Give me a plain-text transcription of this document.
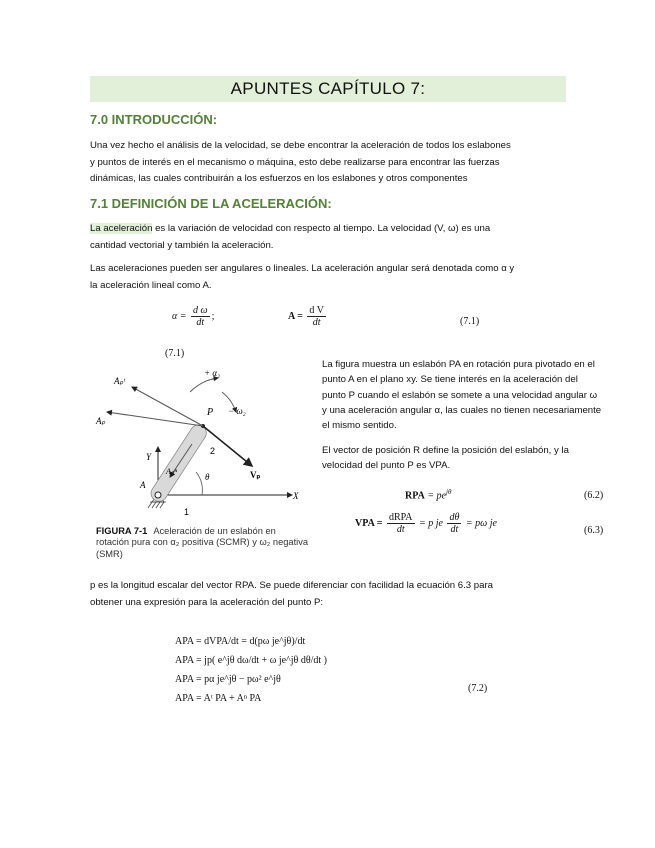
APUNTES CAPÍTULO 7:
7.0 INTRODUCCIÓN:
Una vez hecho el análisis de la velocidad, se debe encontrar la aceleración de todos los eslabones
y puntos de interés en el mecanismo o máquina, esto debe realizarse para encontrar las fuerzas
dinámicas, las cuales contribuirán a los esfuerzos en los eslabones y otros componentes
7.1 DEFINICIÓN DE LA ACELERACIÓN:
La aceleración es la variación de velocidad con respecto al tiempo. La velocidad (V, ω) es una
cantidad vectorial y también la aceleración.
Las aceleraciones pueden ser angulares o lineales. La aceleración angular será denotada como α y
la aceleración lineal como A.
$\alpha = \frac{\text{d ω}}{dt}$ ;	$A = \frac{\text{d V}}{dt}$	(7.1)
(7.1)
Aₚᵗ
+ α₂
− ω₂
Aₚ
P
2
Vₚ
Y
Aₚⁿ
θ
A
X
1
FIGURA 7-1 Aceleración de un eslabón en rotación pura con α₂ positiva (SCMR) y ω₂ negativa (SMR)
La figura muestra un eslabón PA en rotación pura pivotado en el punto A en el plano xy. Se tiene interés en la aceleración del punto P cuando el eslabón se somete a una velocidad angular ω y una aceleración angular α, las cuales no tienen necesariamente el mismo sentido.
El vector de posición R define la posición del eslabón, y la velocidad del punto P es VPA.
RPA = $pe^{j\theta}$	(6.2)
VPA = $\frac{\text{dRPA}}{dt} = p$ je $\frac{d\theta}{dt} = p\omega$ je
(6.3)
p es la longitud escalar del vector RPA. Se puede diferenciar con facilidad la ecuación 6.3 para
obtener una expresión para la aceleración del punto P:
APA = dVPA/dt = d(pω je^jθ)/dt
APA = jp( e^jθ dω/dt + ω je^jθ dθ/dt )
APA = pα je^jθ − pω² e^jθ
APA = Aᵗ PA + Aⁿ PA
(7.2)
